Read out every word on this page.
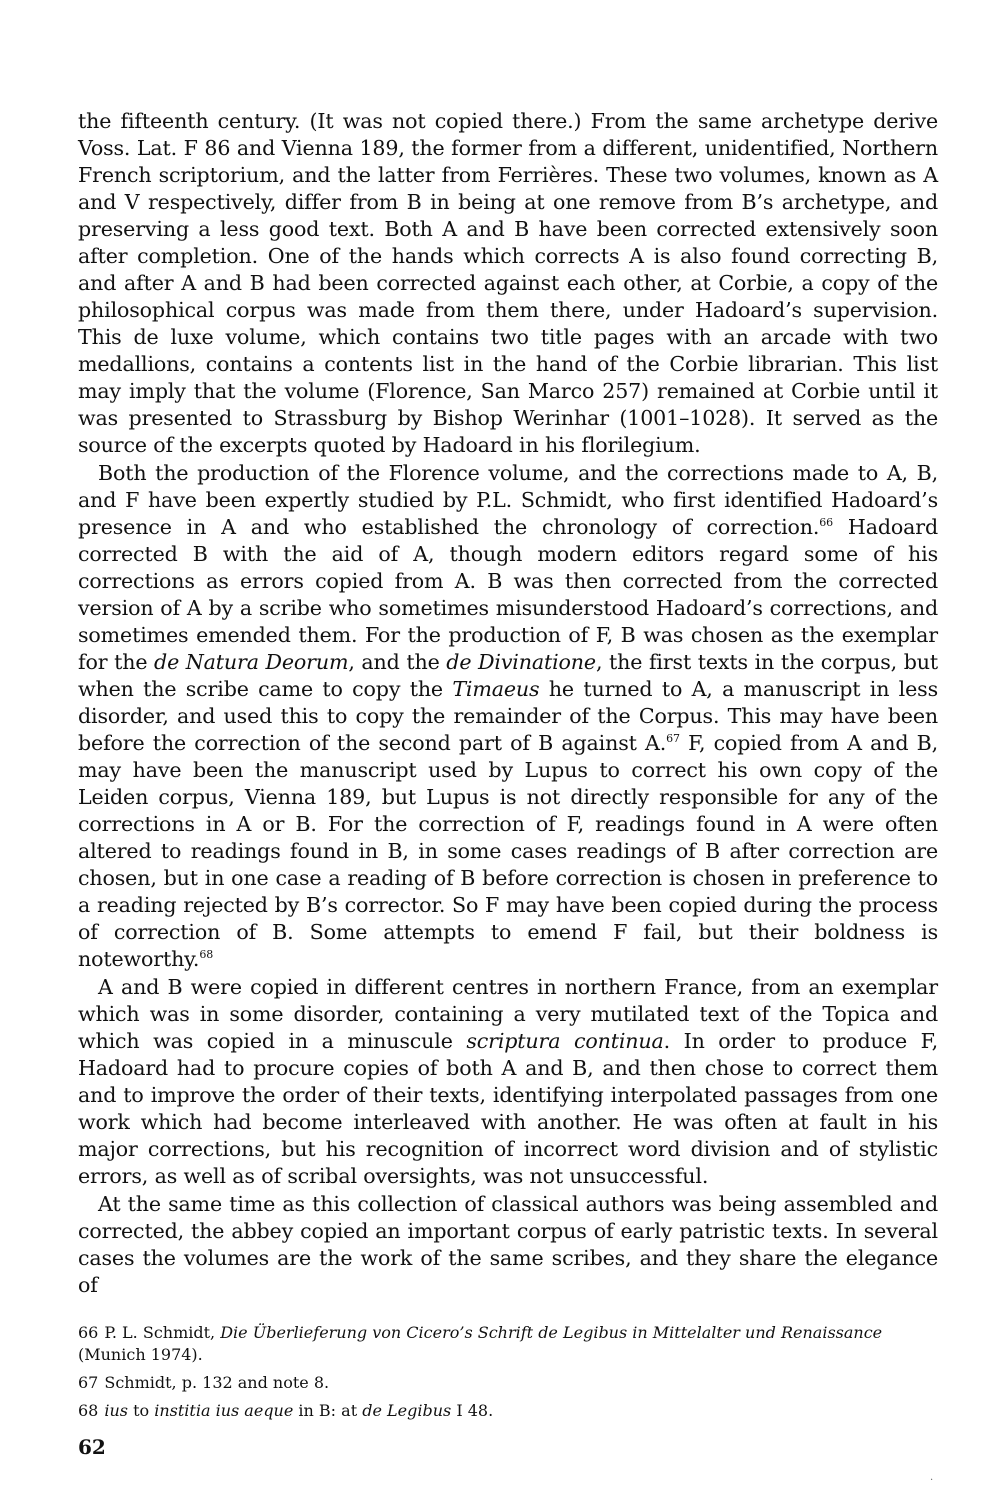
the fifteenth century. (It was not copied there.) From the same archetype derive Voss. Lat. F 86 and Vienna 189, the former from a different, unidentified, Northern French scriptorium, and the latter from Ferrières. These two volumes, known as A and V respectively, differ from B in being at one remove from B’s archetype, and preserving a less good text. Both A and B have been corrected extensively soon after completion. One of the hands which corrects A is also found correcting B, and after A and B had been corrected against each other, at Corbie, a copy of the philosophical corpus was made from them there, under Hadoard’s supervision. This de luxe volume, which contains two title pages with an arcade with two medallions, contains a contents list in the hand of the Corbie librarian. This list may imply that the volume (Florence, San Marco 257) remained at Corbie until it was presented to Strassburg by Bishop Werinhar (1001–1028). It served as the source of the excerpts quoted by Hadoard in his florilegium.

Both the production of the Florence volume, and the corrections made to A, B, and F have been expertly studied by P.L. Schmidt, who first identified Hadoard’s presence in A and who established the chronology of correction.$^{66}$ Hadoard corrected B with the aid of A, though modern editors regard some of his corrections as errors copied from A. B was then corrected from the corrected version of A by a scribe who sometimes misunderstood Hadoard’s corrections, and sometimes emended them. For the production of F, B was chosen as the exemplar for the de Natura Deorum, and the de Divinatione, the first texts in the corpus, but when the scribe came to copy the Timaeus he turned to A, a manuscript in less disorder, and used this to copy the remainder of the Corpus. This may have been before the correction of the second part of B against A.$^{67}$ F, copied from A and B, may have been the manuscript used by Lupus to correct his own copy of the Leiden corpus, Vienna 189, but Lupus is not directly responsible for any of the corrections in A or B. For the correction of F, readings found in A were often altered to readings found in B, in some cases readings of B after correction are chosen, but in one case a reading of B before correction is chosen in preference to a reading rejected by B’s corrector. So F may have been copied during the process of correction of B. Some attempts to emend F fail, but their boldness is noteworthy.$^{68}$

A and B were copied in different centres in northern France, from an exemplar which was in some disorder, containing a very mutilated text of the Topica and which was copied in a minuscule scriptura continua. In order to produce F, Hadoard had to procure copies of both A and B, and then chose to correct them and to improve the order of their texts, identifying interpolated passages from one work which had become interleaved with another. He was often at fault in his major corrections, but his recognition of incorrect word division and of stylistic errors, as well as of scribal oversights, was not unsuccessful.

At the same time as this collection of classical authors was being assembled and corrected, the abbey copied an important corpus of early patristic texts. In several cases the volumes are the work of the same scribes, and they share the elegance of

66 P. L. Schmidt, Die Überlieferung von Cicero’s Schrift de Legibus in Mittelalter und Renaissance (Munich 1974).

67 Schmidt, p. 132 and note 8.

68 ius to institia ius aeque in B: at de Legibus I 48.

62
.
